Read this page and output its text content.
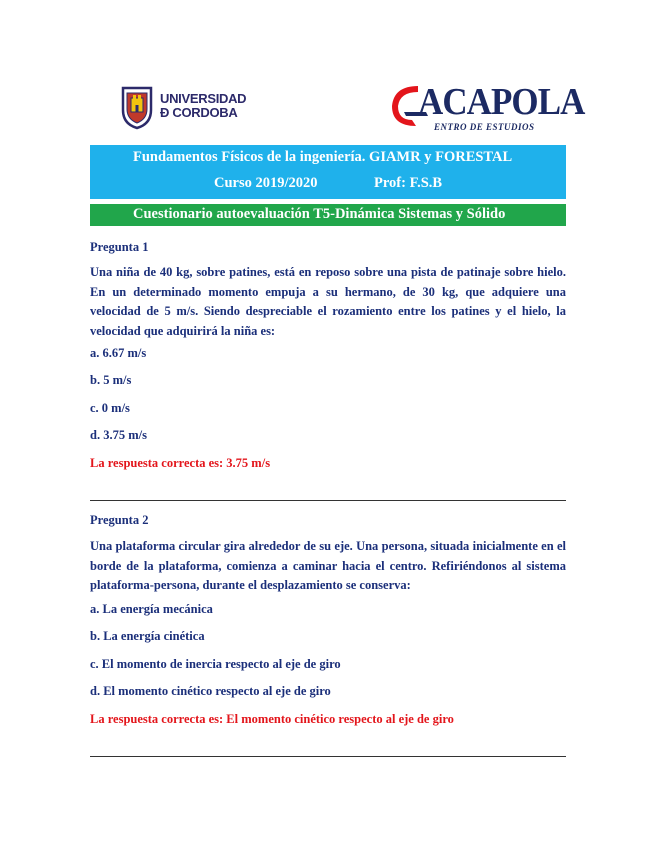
UNIVERSIDAD
Ð CORDOBA	ACAPOLA
ENTRO DE ESTUDIOS
Fundamentos Físicos de la ingeniería. GIAMR y FORESTAL
Curso 2019/2020	Prof: F.S.B
Cuestionario autoevaluación T5-Dinámica Sistemas y Sólido
Pregunta 1
Una niña de 40 kg, sobre patines, está en reposo sobre una pista de patinaje sobre hielo. En un determinado momento empuja a su hermano, de 30 kg, que adquiere una velocidad de 5 m/s. Siendo despreciable el rozamiento entre los patines y el hielo, la velocidad que adquirirá la niña es:
a. 6.67 m/s
b. 5 m/s
c. 0 m/s
d. 3.75 m/s
La respuesta correcta es: 3.75 m/s
Pregunta 2
Una plataforma circular gira alrededor de su eje. Una persona, situada inicialmente en el borde de la plataforma, comienza a caminar hacia el centro. Refiriéndonos al sistema plataforma-persona, durante el desplazamiento se conserva:
a. La energía mecánica
b. La energía cinética
c. El momento de inercia respecto al eje de giro
d. El momento cinético respecto al eje de giro
La respuesta correcta es: El momento cinético respecto al eje de giro
